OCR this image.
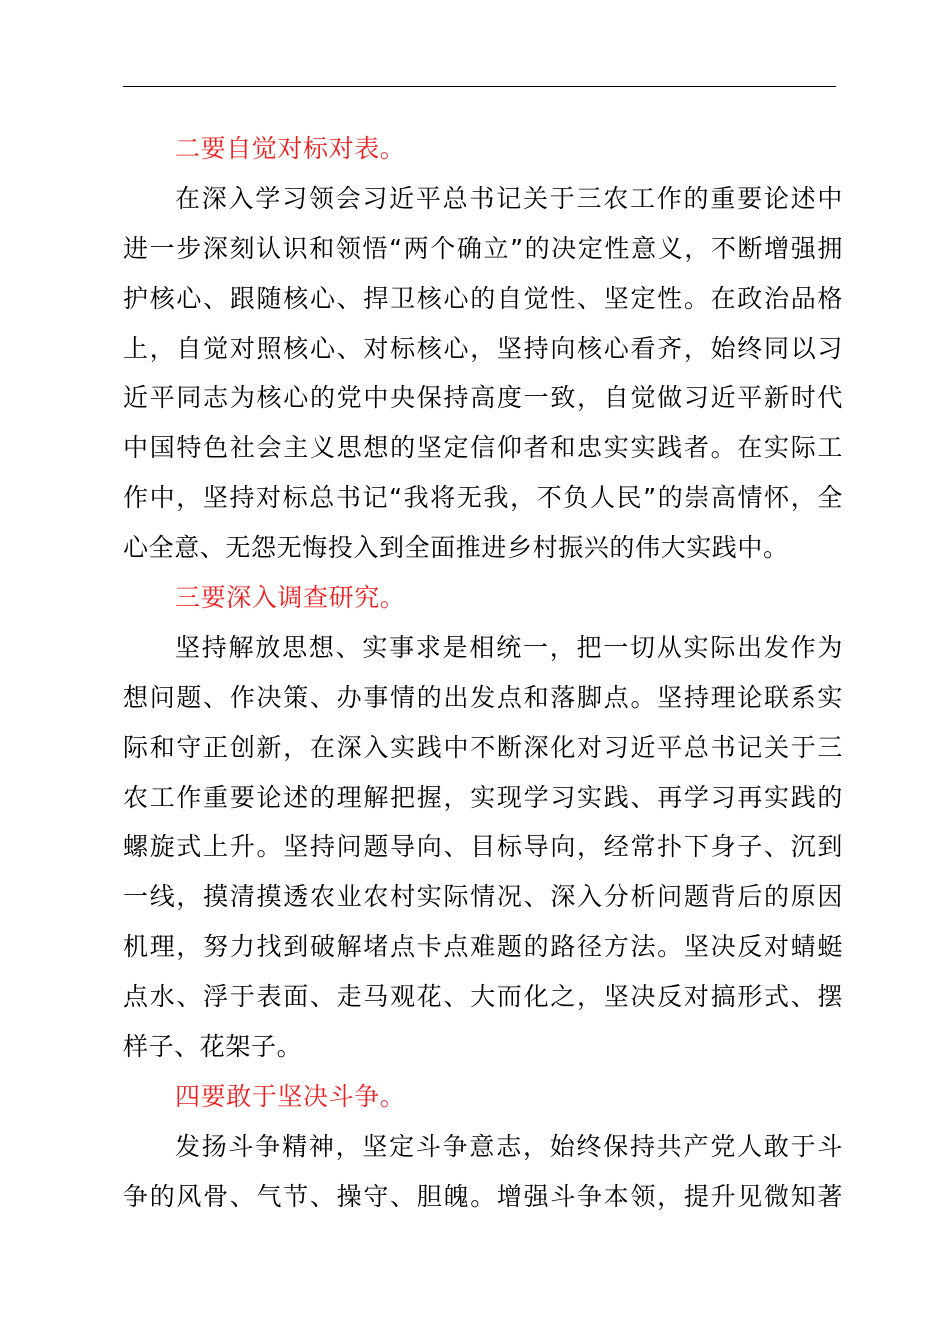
二要自觉对标对表。
在深入学习领会习近平总书记关于三农工作的重要论述中
进一步深刻认识和领悟“两个确立”的决定性意义，不断增强拥
护核心、跟随核心、捍卫核心的自觉性、坚定性。在政治品格
上，自觉对照核心、对标核心，坚持向核心看齐，始终同以习
近平同志为核心的党中央保持高度一致，自觉做习近平新时代
中国特色社会主义思想的坚定信仰者和忠实实践者。在实际工
作中，坚持对标总书记“我将无我，不负人民”的崇高情怀，全
心全意、无怨无悔投入到全面推进乡村振兴的伟大实践中。
三要深入调查研究。
坚持解放思想、实事求是相统一，把一切从实际出发作为
想问题、作决策、办事情的出发点和落脚点。坚持理论联系实
际和守正创新，在深入实践中不断深化对习近平总书记关于三
农工作重要论述的理解把握，实现学习实践、再学习再实践的
螺旋式上升。坚持问题导向、目标导向，经常扑下身子、沉到
一线，摸清摸透农业农村实际情况、深入分析问题背后的原因
机理，努力找到破解堵点卡点难题的路径方法。坚决反对蜻蜓
点水、浮于表面、走马观花、大而化之，坚决反对搞形式、摆
样子、花架子。
四要敢于坚决斗争。
发扬斗争精神，坚定斗争意志，始终保持共产党人敢于斗
争的风骨、气节、操守、胆魄。增强斗争本领，提升见微知著
